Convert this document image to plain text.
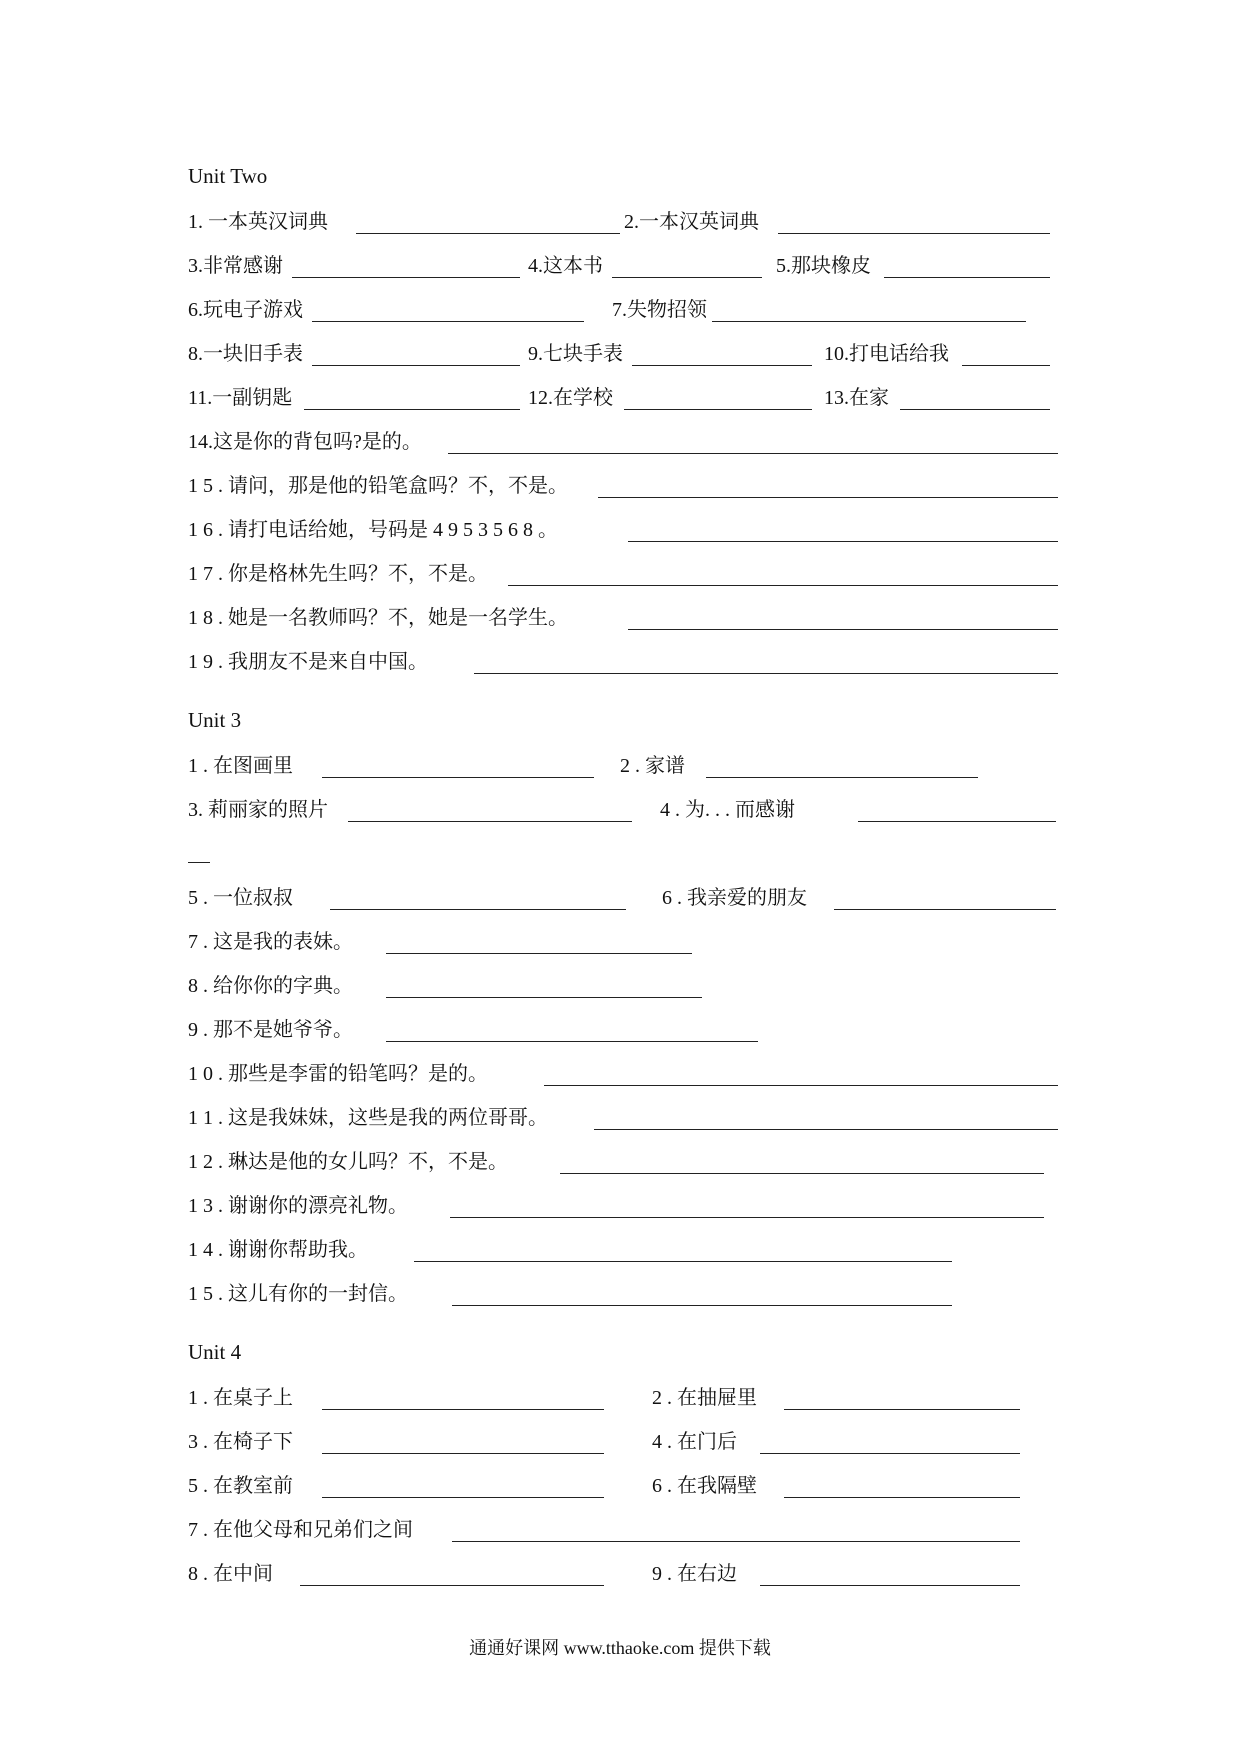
Unit Two
1. 一本英汉词典	2.一本汉英词典
3.非常感谢	4.这本书	5.那块橡皮
6.玩电子游戏	7.失物招领
8.一块旧手表	9.七块手表	10.打电话给我
11.一副钥匙	12.在学校	13.在家
14.这是你的背包吗?是的。
1 5 . 请问，那是他的铅笔盒吗？不，不是。
1 6 . 请打电话给她，号码是 4 9 5 3 5 6 8 。
1 7 . 你是格林先生吗？不，不是。
1 8 . 她是一名教师吗？不，她是一名学生。
1 9 . 我朋友不是来自中国。
Unit 3
1 . 在图画里	2 . 家谱
3. 莉丽家的照片	4 . 为. . . 而感谢
5 . 一位叔叔	6 . 我亲爱的朋友
7 . 这是我的表妹。
8 . 给你你的字典。
9 . 那不是她爷爷。
1 0 . 那些是李雷的铅笔吗？是的。
1 1 . 这是我妹妹，这些是我的两位哥哥。
1 2 . 琳达是他的女儿吗？不，不是。
1 3 . 谢谢你的漂亮礼物。
1 4 . 谢谢你帮助我。
1 5 . 这儿有你的一封信。
Unit 4
1 . 在桌子上	2 . 在抽屉里
3 . 在椅子下	4 . 在门后
5 . 在教室前	6 . 在我隔壁
7 . 在他父母和兄弟们之间
8 . 在中间	9 . 在右边
通通好课网 www.tthaoke.com 提供下载
